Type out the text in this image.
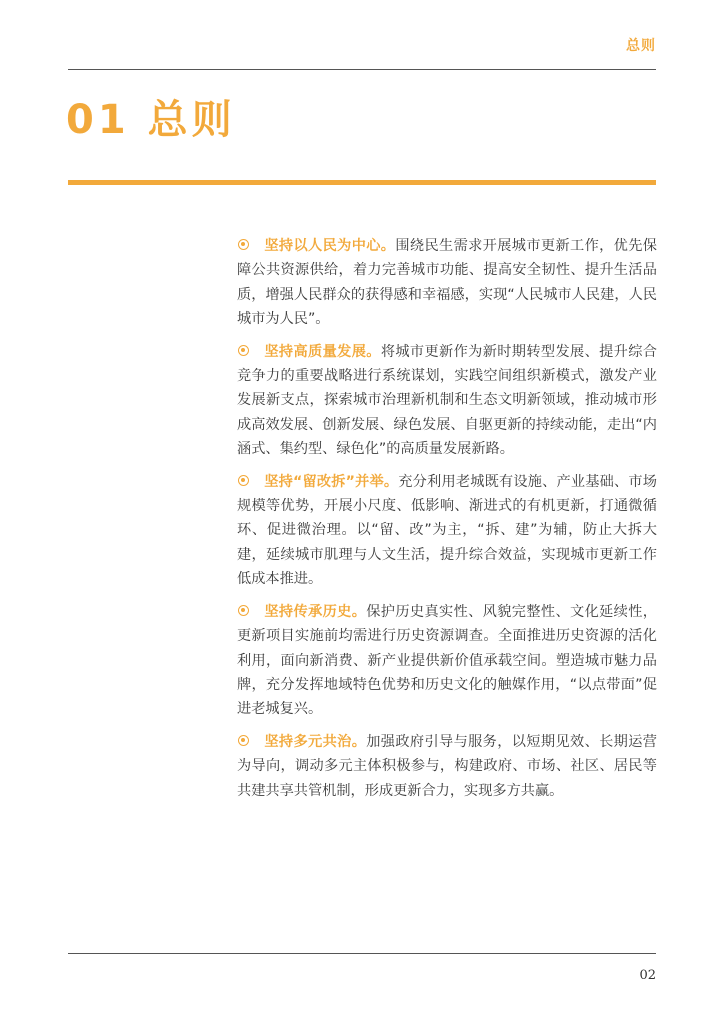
总则
01 总则

坚持以人民为中心。围绕民生需求开展城市更新工作，优先保障公共资源供给，着力完善城市功能、提高安全韧性、提升生活品质，增强人民群众的获得感和幸福感，实现“人民城市人民建，人民城市为人民”。

坚持高质量发展。将城市更新作为新时期转型发展、提升综合竞争力的重要战略进行系统谋划，实践空间组织新模式，激发产业发展新支点，探索城市治理新机制和生态文明新领域，推动城市形成高效发展、创新发展、绿色发展、自驱更新的持续动能，走出“内涵式、集约型、绿色化”的高质量发展新路。

坚持“留改拆”并举。充分利用老城既有设施、产业基础、市场规模等优势，开展小尺度、低影响、渐进式的有机更新，打通微循环、促进微治理。以“留、改”为主，“拆、建”为辅，防止大拆大建，延续城市肌理与人文生活，提升综合效益，实现城市更新工作低成本推进。

坚持传承历史。保护历史真实性、风貌完整性、文化延续性，更新项目实施前均需进行历史资源调查。全面推进历史资源的活化利用，面向新消费、新产业提供新价值承载空间。塑造城市魅力品牌，充分发挥地域特色优势和历史文化的触媒作用，“以点带面”促进老城复兴。

坚持多元共治。加强政府引导与服务，以短期见效、长期运营为导向，调动多元主体积极参与，构建政府、市场、社区、居民等共建共享共管机制，形成更新合力，实现多方共赢。

02
